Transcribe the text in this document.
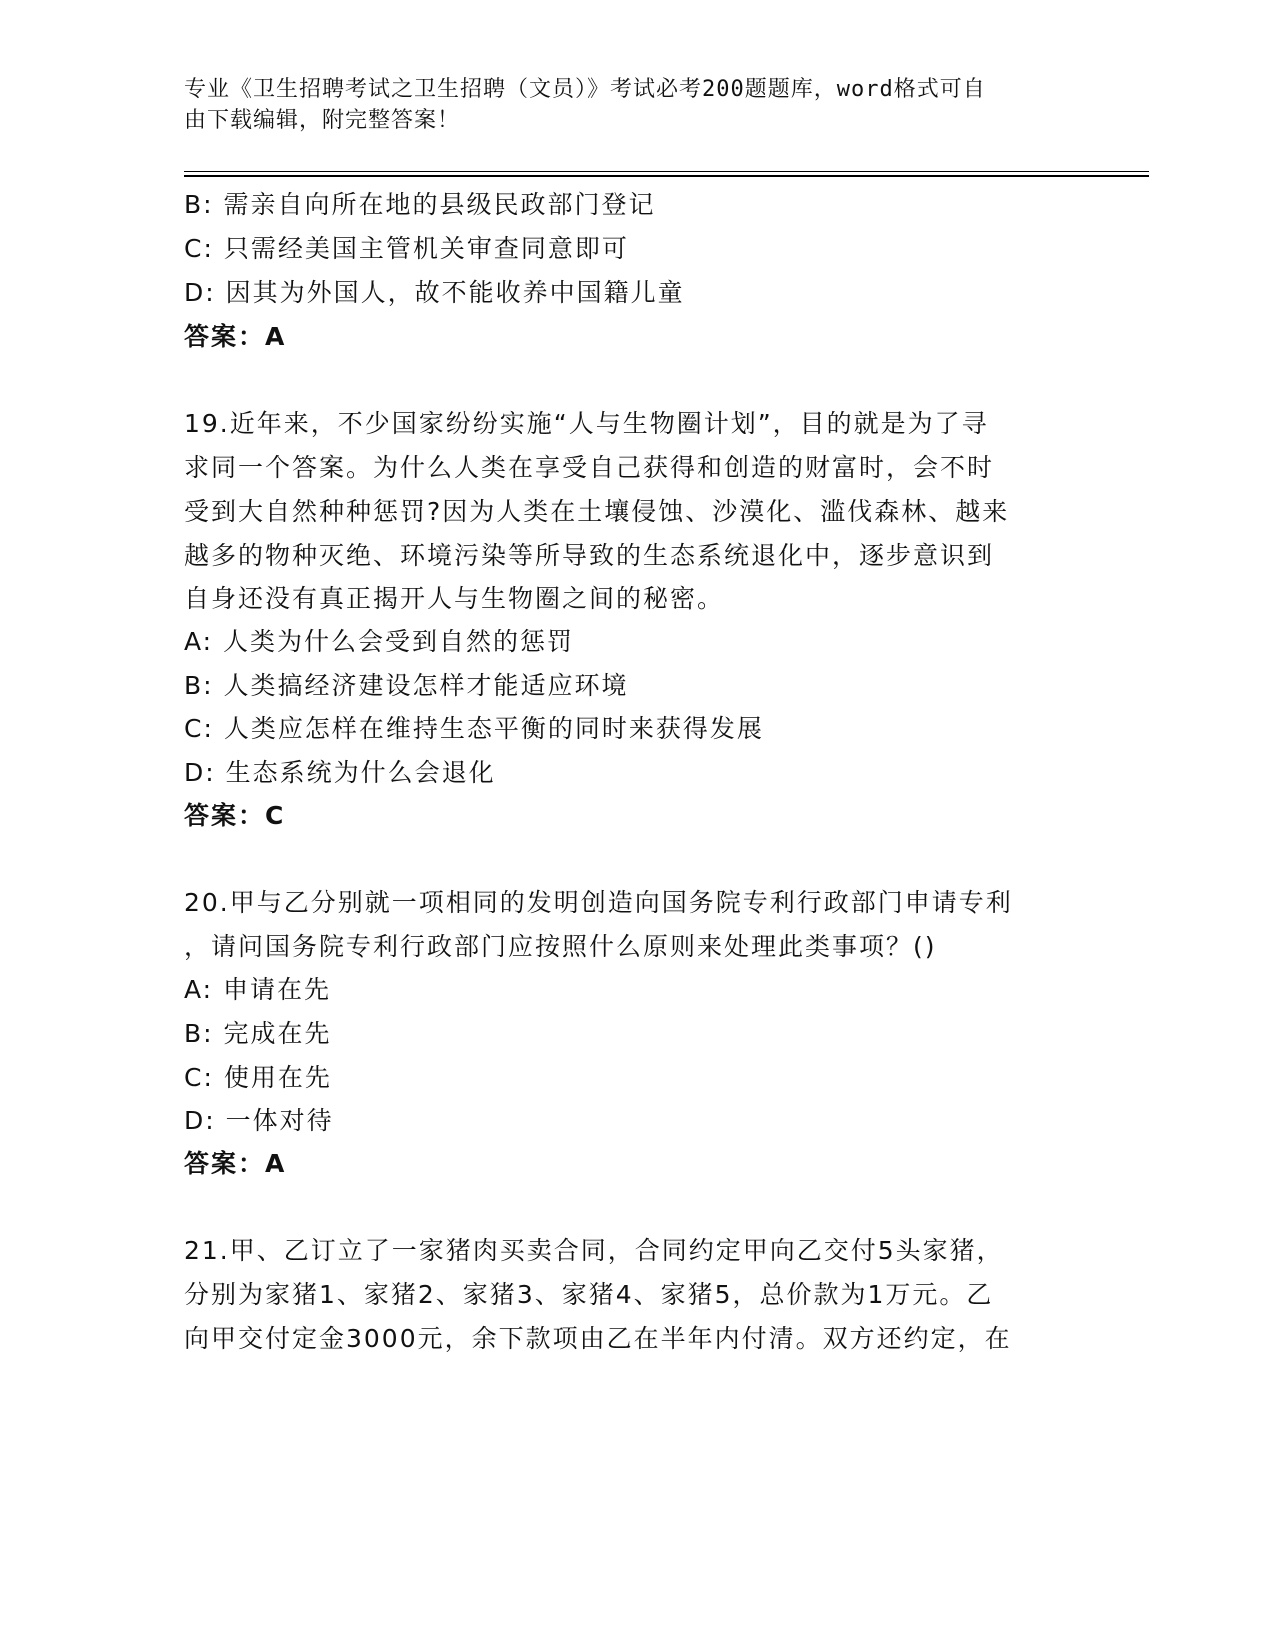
专业《卫生招聘考试之卫生招聘（文员）》考试必考200题题库，word格式可自
由下载编辑，附完整答案！
B: 需亲自向所在地的县级民政部门登记
C: 只需经美国主管机关审查同意即可
D: 因其为外国人，故不能收养中国籍儿童
答案：A
19.近年来，不少国家纷纷实施“人与生物圈计划”，目的就是为了寻
求同一个答案。为什么人类在享受自己获得和创造的财富时，会不时
受到大自然种种惩罚?因为人类在土壤侵蚀、沙漠化、滥伐森林、越来
越多的物种灭绝、环境污染等所导致的生态系统退化中，逐步意识到
自身还没有真正揭开人与生物圈之间的秘密。
A: 人类为什么会受到自然的惩罚
B: 人类搞经济建设怎样才能适应环境
C: 人类应怎样在维持生态平衡的同时来获得发展
D: 生态系统为什么会退化
答案：C
20.甲与乙分别就一项相同的发明创造向国务院专利行政部门申请专利
，请问国务院专利行政部门应按照什么原则来处理此类事项？()
A: 申请在先
B: 完成在先
C: 使用在先
D: 一体对待
答案：A
21.甲、乙订立了一家猪肉买卖合同，合同约定甲向乙交付5头家猪，
分别为家猪1、家猪2、家猪3、家猪4、家猪5，总价款为1万元。乙
向甲交付定金3000元，余下款项由乙在半年内付清。双方还约定，在
